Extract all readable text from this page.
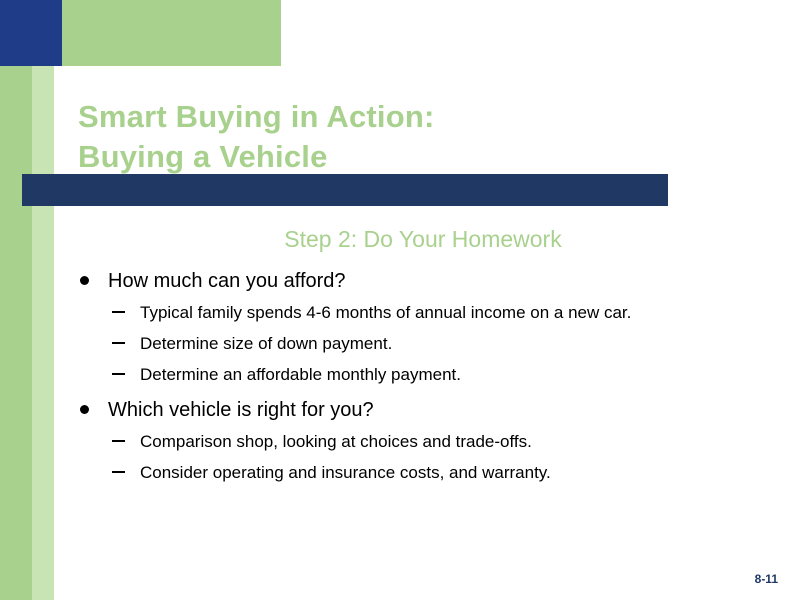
Smart Buying in Action:
Buying a Vehicle
Step 2: Do Your Homework
How much can you afford?
Typical family spends 4-6 months of annual income on a new car.
Determine size of down payment.
Determine an affordable monthly payment.
Which vehicle is right for you?
Comparison shop, looking at choices and trade-offs.
Consider operating and insurance costs, and warranty.
8-11
